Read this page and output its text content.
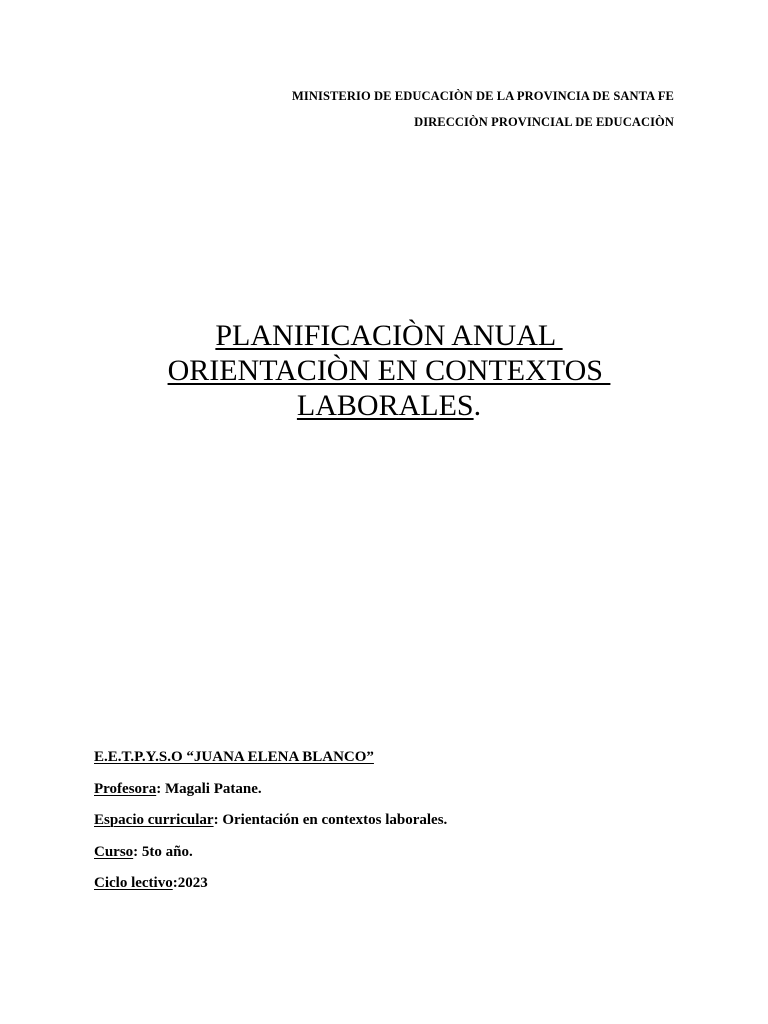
MINISTERIO DE EDUCACIÒN DE LA PROVINCIA DE SANTA FE
DIRECCIÒN PROVINCIAL DE EDUCACIÒN
PLANIFICACIÒN ANUAL
ORIENTACIÒN EN CONTEXTOS
LABORALES.
E.E.T.P.Y.S.O “JUANA ELENA BLANCO”
Profesora: Magali Patane.
Espacio curricular: Orientación en contextos laborales.
Curso: 5to año.
Ciclo lectivo:2023
